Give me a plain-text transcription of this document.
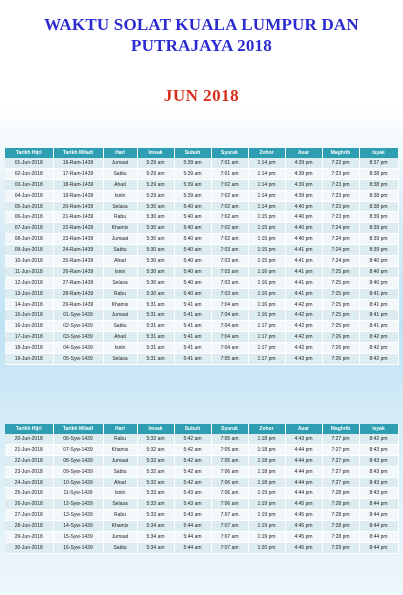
WAKTU SOLAT KUALA LUMPUR DAN
PUTRAJAYA 2018
JUN 2018
Tarikh Hijri	Tarikh Miladi	Hari	Imsak	Subuh	Syuruk	Zohor	Asar	Maghrib	Isyak
01-Jun-2018	16-Ram-1439	Jumaat	5:29 am	5:39 am	7:01 am	1:14 pm	4:39 pm	7:22 pm	8:37 pm
02-Jun-2018	17-Ram-1439	Sabtu	5:29 am	5:39 am	7:01 am	1:14 pm	4:39 pm	7:23 pm	8:38 pm
03-Jun-2018	18-Ram-1439	Ahad	5:29 am	5:39 am	7:02 am	1:14 pm	4:39 pm	7:23 pm	8:38 pm
04-Jun-2018	19-Ram-1439	Isnin	5:29 am	5:39 am	7:02 am	1:14 pm	4:39 pm	7:23 pm	8:38 pm
05-Jun-2018	20-Ram-1439	Selasa	5:30 am	5:40 am	7:02 am	1:14 pm	4:40 pm	7:23 pm	8:38 pm
06-Jun-2018	21-Ram-1439	Rabu	5:30 am	5:40 am	7:02 am	1:15 pm	4:40 pm	7:23 pm	8:39 pm
07-Jun-2018	22-Ram-1439	Khamis	5:30 am	5:40 am	7:02 am	1:15 pm	4:40 pm	7:24 pm	8:39 pm
08-Jun-2018	23-Ram-1439	Jumaat	5:30 am	5:40 am	7:02 am	1:15 pm	4:40 pm	7:24 pm	8:39 pm
09-Jun-2018	24-Ram-1439	Sabtu	5:30 am	5:40 am	7:03 am	1:15 pm	4:41 pm	7:24 pm	8:39 pm
10-Jun-2018	25-Ram-1439	Ahad	5:30 am	5:40 am	7:03 am	1:15 pm	4:41 pm	7:24 pm	8:40 pm
11-Jun-2018	26-Ram-1439	Isnin	5:30 am	5:40 am	7:03 am	1:16 pm	4:41 pm	7:25 pm	8:40 pm
12-Jun-2018	27-Ram-1439	Selasa	5:30 am	5:40 am	7:03 am	1:16 pm	4:41 pm	7:25 pm	8:40 pm
13-Jun-2018	28-Ram-1439	Rabu	5:30 am	5:40 am	7:03 am	1:16 pm	4:41 pm	7:25 pm	8:41 pm
14-Jun-2018	29-Ram-1439	Khamis	5:31 am	5:41 am	7:04 am	1:16 pm	4:42 pm	7:25 pm	8:41 pm
15-Jun-2018	01-Syw-1439	Jumaat	5:31 am	5:41 am	7:04 am	1:16 pm	4:42 pm	7:25 pm	8:41 pm
16-Jun-2018	02-Syw-1439	Sabtu	5:31 am	5:41 am	7:04 am	1:17 pm	4:42 pm	7:25 pm	8:41 pm
17-Jun-2018	03-Syw-1439	Ahad	5:31 am	5:41 am	7:04 am	1:17 pm	4:42 pm	7:26 pm	8:42 pm
18-Jun-2018	04-Syw-1439	Isnin	5:31 am	5:41 am	7:04 am	1:17 pm	4:42 pm	7:26 pm	8:42 pm
19-Jun-2018	05-Syw-1439	Selasa	5:31 am	5:41 am	7:05 am	1:17 pm	4:43 pm	7:26 pm	8:42 pm
Tarikh Hijri	Tarikh Miladi	Hari	Imsak	Subuh	Syuruk	Zohor	Asar	Maghrib	Isyak
20-Jun-2018	06-Syw-1439	Rabu	5:32 am	5:42 am	7:05 am	1:18 pm	4:43 pm	7:27 pm	8:42 pm
21-Jun-2018	07-Syw-1439	Khamis	5:32 am	5:42 am	7:05 am	1:18 pm	4:44 pm	7:27 pm	8:43 pm
22-Jun-2018	08-Syw-1439	Jumaat	5:32 am	5:42 am	7:05 am	1:18 pm	4:44 pm	7:27 pm	8:43 pm
23-Jun-2018	09-Syw-1439	Sabtu	5:32 am	5:42 am	7:06 am	1:18 pm	4:44 pm	7:27 pm	8:43 pm
24-Jun-2018	10-Syw-1439	Ahad	5:32 am	5:42 am	7:06 am	1:18 pm	4:44 pm	7:27 pm	8:43 pm
25-Jun-2018	11-Syw-1439	Isnin	5:33 am	5:43 am	7:06 am	1:19 pm	4:44 pm	7:28 pm	8:43 pm
26-Jun-2018	12-Syw-1439	Selasa	5:33 am	5:43 am	7:06 am	1:19 pm	4:45 pm	7:28 pm	8:44 pm
27-Jun-2018	13-Syw-1439	Rabu	5:33 am	5:43 am	7:07 am	1:19 pm	4:45 pm	7:28 pm	8:44 pm
28-Jun-2018	14-Syw-1439	Khamis	5:34 am	5:44 am	7:07 am	1:19 pm	4:45 pm	7:28 pm	8:44 pm
29-Jun-2018	15-Syw-1439	Jumaat	5:34 am	5:44 am	7:07 am	1:19 pm	4:45 pm	7:28 pm	8:44 pm
30-Jun-2018	16-Syw-1439	Sabtu	5:34 am	5:44 am	7:07 am	1:20 pm	4:45 pm	7:29 pm	8:44 pm
